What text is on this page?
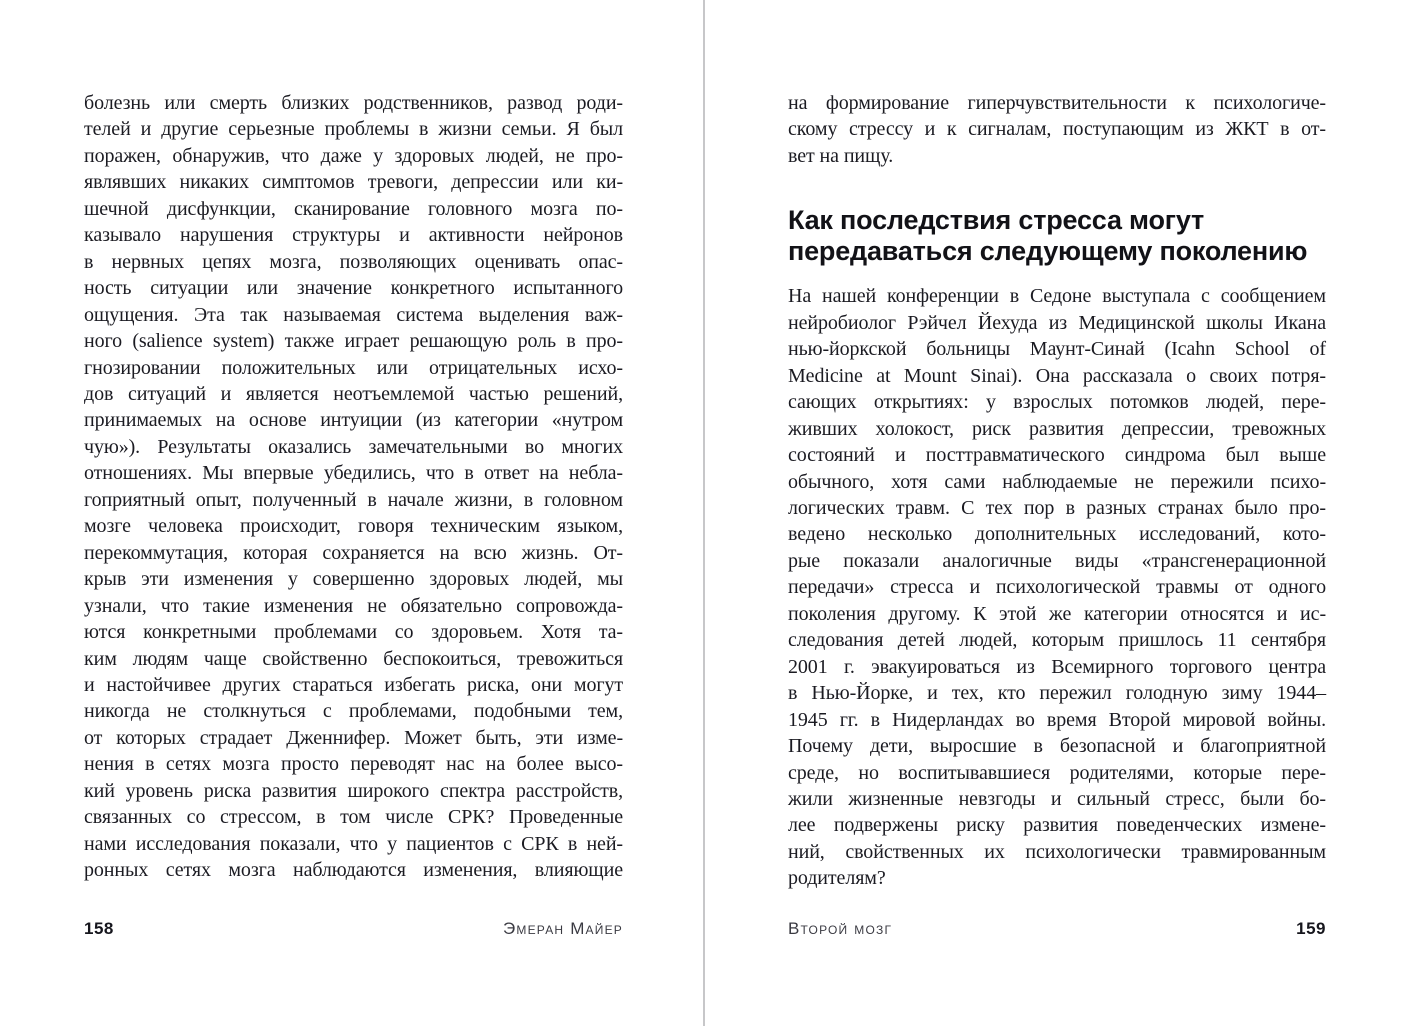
болезнь или смерть близких родственников, развод роди-
телей и другие серьезные проблемы в жизни семьи. Я был
поражен, обнаружив, что даже у здоровых людей, не про-
являвших никаких симптомов тревоги, депрессии или ки-
шечной дисфункции, сканирование головного мозга по-
казывало нарушения структуры и активности нейронов
в нервных цепях мозга, позволяющих оценивать опас-
ность ситуации или значение конкретного испытанного
ощущения. Эта так называемая система выделения важ-
ного (salience system) также играет решающую роль в про-
гнозировании положительных или отрицательных исхо-
дов ситуаций и является неотъемлемой частью решений,
принимаемых на основе интуиции (из категории «нутром
чую»). Результаты оказались замечательными во многих
отношениях. Мы впервые убедились, что в ответ на небла-
гоприятный опыт, полученный в начале жизни, в головном
мозге человека происходит, говоря техническим языком,
перекоммутация, которая сохраняется на всю жизнь. От-
крыв эти изменения у совершенно здоровых людей, мы
узнали, что такие изменения не обязательно сопровожда-
ются конкретными проблемами со здоровьем. Хотя та-
ким людям чаще свойственно беспокоиться, тревожиться
и настойчивее других стараться избегать риска, они могут
никогда не столкнуться с проблемами, подобными тем,
от которых страдает Дженнифер. Может быть, эти изме-
нения в сетях мозга просто переводят нас на более высо-
кий уровень риска развития широкого спектра расстройств,
связанных со стрессом, в том числе СРК? Проведенные
нами исследования показали, что у пациентов с СРК в ней-
ронных сетях мозга наблюдаются изменения, влияющие
158	Эмеран Майер
на формирование гиперчувствительности к психологиче-
скому стрессу и к сигналам, поступающим из ЖКТ в от-
вет на пищу.
Как последствия стресса могут
передаваться следующему поколению
На нашей конференции в Седоне выступала с сообщением
нейробиолог Рэйчел Йехуда из Медицинской школы Икана
нью-йоркской больницы Маунт-Синай (Icahn School of
Medicine at Mount Sinai). Она рассказала о своих потря-
сающих открытиях: у взрослых потомков людей, пере-
живших холокост, риск развития депрессии, тревожных
состояний и посттравматического синдрома был выше
обычного, хотя сами наблюдаемые не пережили психо-
логических травм. С тех пор в разных странах было про-
ведено несколько дополнительных исследований, кото-
рые показали аналогичные виды «трансгенерационной
передачи» стресса и психологической травмы от одного
поколения другому. К этой же категории относятся и ис-
следования детей людей, которым пришлось 11 сентября
2001 г. эвакуироваться из Всемирного торгового центра
в Нью-Йорке, и тех, кто пережил голодную зиму 1944–
1945 гг. в Нидерландах во время Второй мировой войны.
Почему дети, выросшие в безопасной и благоприятной
среде, но воспитывавшиеся родителями, которые пере-
жили жизненные невзгоды и сильный стресс, были бо-
лее подвержены риску развития поведенческих измене-
ний, свойственных их психологически травмированным
родителям?
Второй мозг	159
